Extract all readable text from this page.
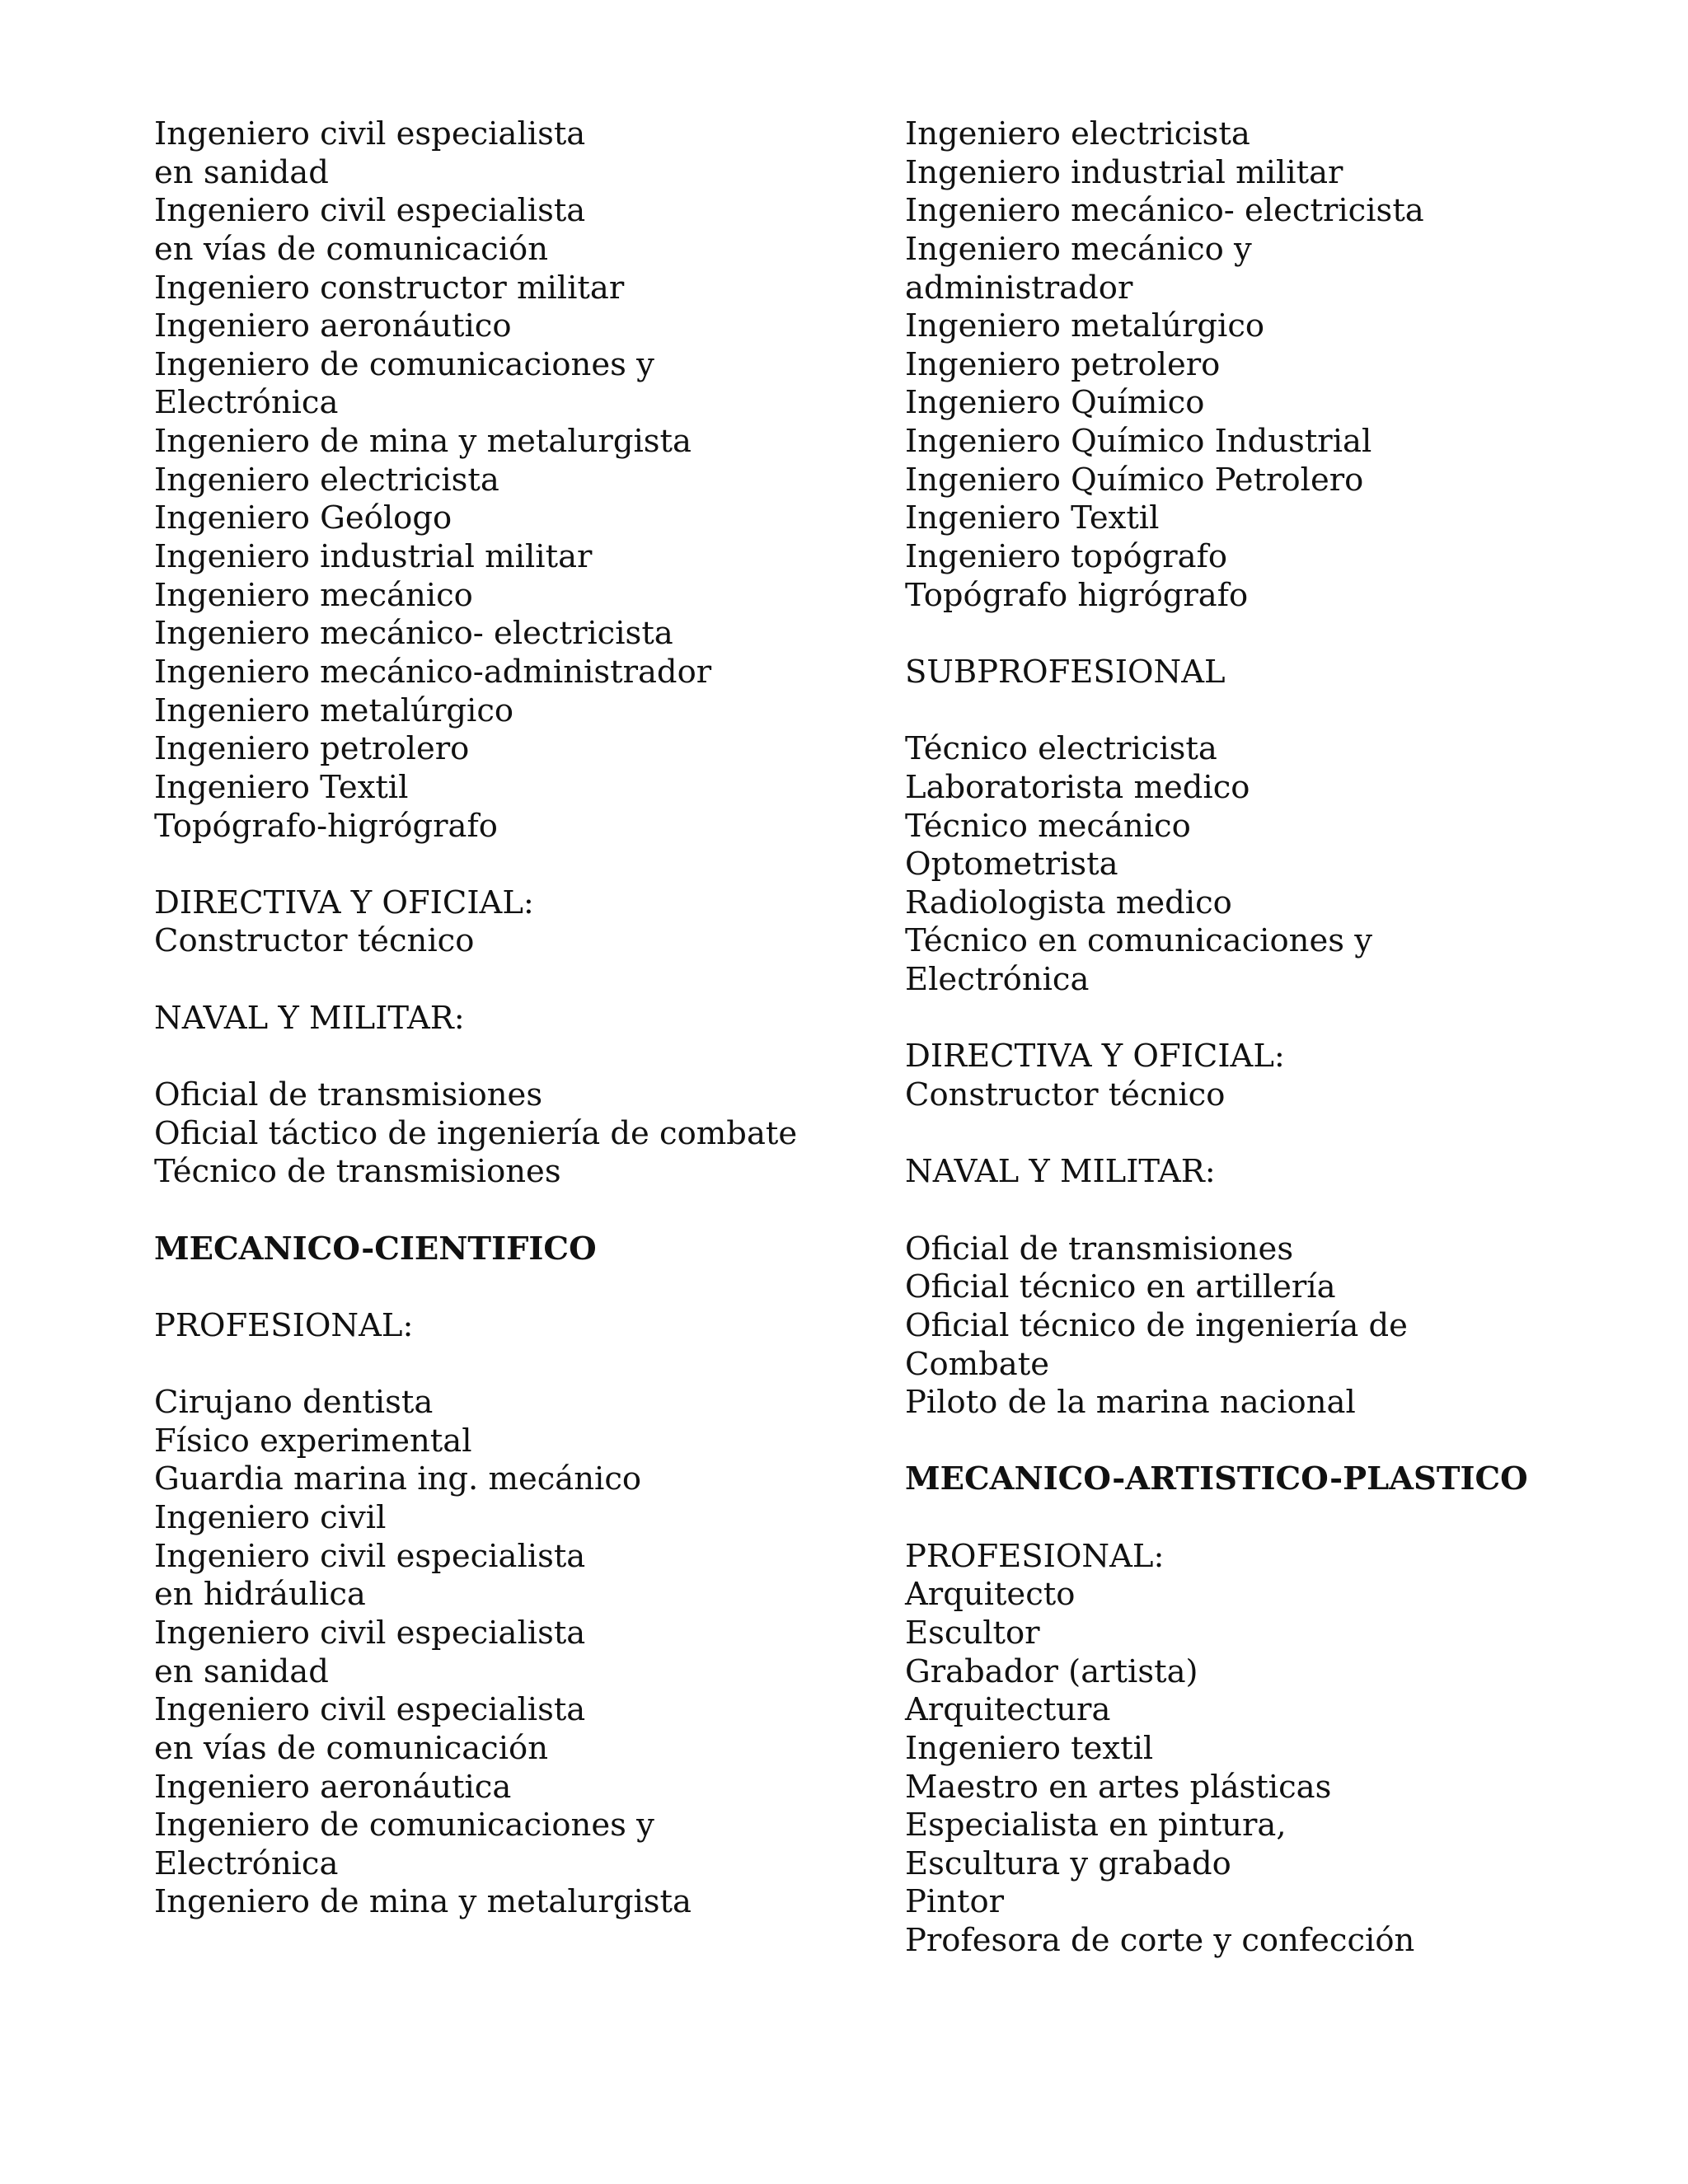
Ingeniero civil especialista
en sanidad
Ingeniero civil especialista
en vías de comunicación
Ingeniero constructor militar
Ingeniero aeronáutico
Ingeniero de comunicaciones y
Electrónica
Ingeniero de mina y metalurgista
Ingeniero electricista
Ingeniero Geólogo
Ingeniero industrial militar
Ingeniero mecánico
Ingeniero mecánico- electricista
Ingeniero mecánico-administrador
Ingeniero metalúrgico
Ingeniero petrolero
Ingeniero Textil
Topógrafo-higrógrafo
DIRECTIVA Y OFICIAL:
Constructor técnico
NAVAL Y MILITAR:
Oficial de transmisiones
Oficial táctico de ingeniería de combate
Técnico de transmisiones
MECANICO-CIENTIFICO
PROFESIONAL:
Cirujano dentista
Físico experimental
Guardia marina ing. mecánico
Ingeniero civil
Ingeniero civil especialista
en hidráulica
Ingeniero civil especialista
en sanidad
Ingeniero civil especialista
en vías de comunicación
Ingeniero aeronáutica
Ingeniero de comunicaciones y
Electrónica
Ingeniero de mina y metalurgista
Ingeniero electricista
Ingeniero industrial militar
Ingeniero mecánico- electricista
Ingeniero mecánico y
administrador
Ingeniero metalúrgico
Ingeniero petrolero
Ingeniero Químico
Ingeniero Químico Industrial
Ingeniero Químico Petrolero
Ingeniero Textil
Ingeniero topógrafo
Topógrafo higrógrafo
SUBPROFESIONAL
Técnico electricista
Laboratorista medico
Técnico mecánico
Optometrista
Radiologista medico
Técnico en comunicaciones y
Electrónica
DIRECTIVA Y OFICIAL:
Constructor técnico
NAVAL Y MILITAR:
Oficial de transmisiones
Oficial técnico en artillería
Oficial técnico de ingeniería de
Combate
Piloto de la marina nacional
MECANICO-ARTISTICO-PLASTICO
PROFESIONAL:
Arquitecto
Escultor
Grabador (artista)
Arquitectura
Ingeniero textil
Maestro en artes plásticas
Especialista en pintura,
Escultura y grabado
Pintor
Profesora de corte y confección
